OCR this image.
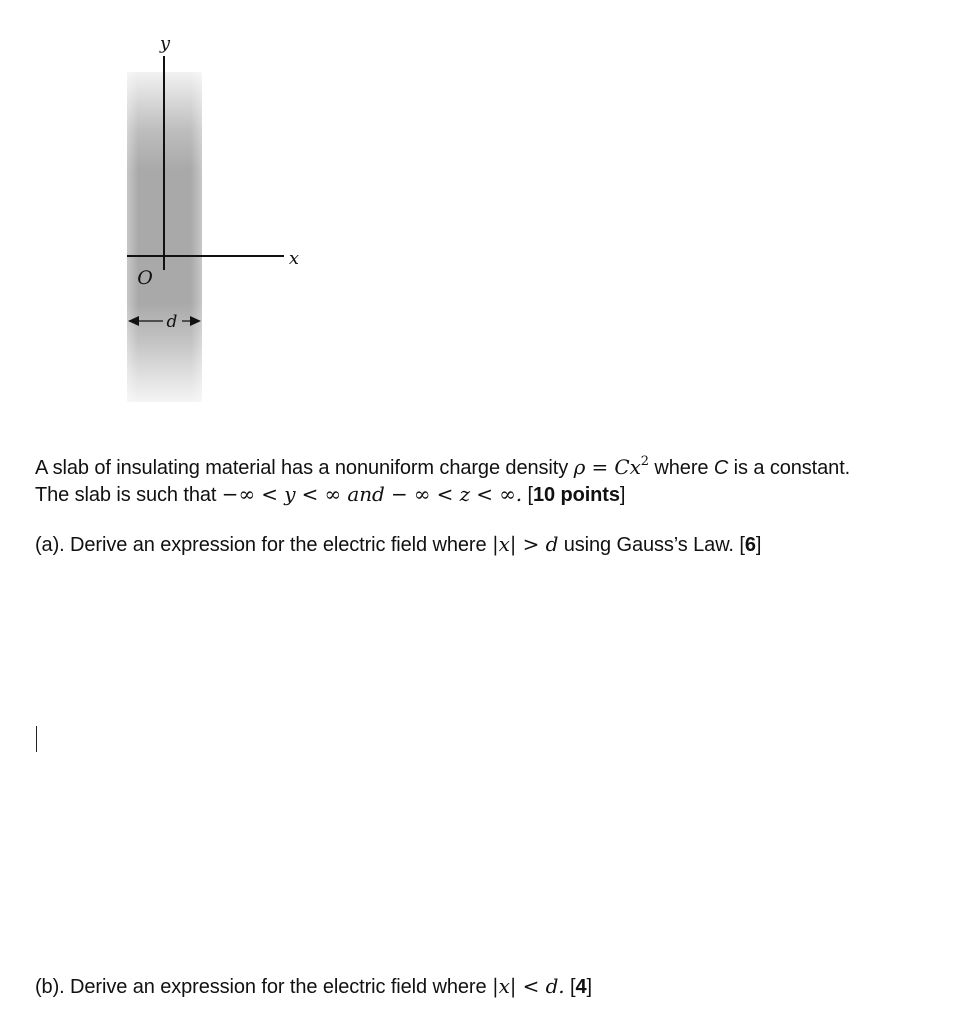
y
x
O
d
A slab of insulating material has a nonuniform charge density $\rho = Cx^2$ where C is a constant.
The slab is such that −∞ < y < ∞ and − ∞ < z < ∞. [10 points]
(a). Derive an expression for the electric field where |x| > d using Gauss’s Law. [6]
(b). Derive an expression for the electric field where |x| < d. [4]
